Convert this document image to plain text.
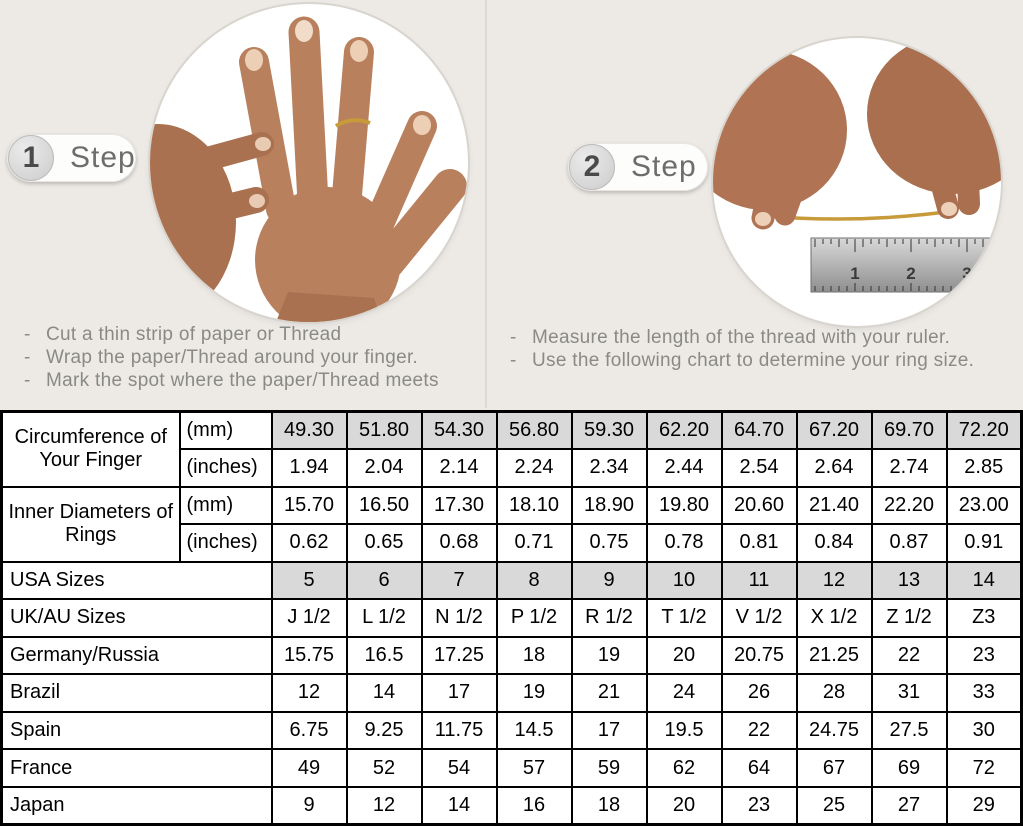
1	2	3
1	Step	2	Step
- Cut a thin strip of paper or Thread
- Wrap the paper/Thread around your finger.
- Mark the spot where the paper/Thread meets
- Measure the length of the thread with your ruler.
- Use the following chart to determine your ring size.
Circumference of Your Finger	(mm)	49.30	51.80	54.30	56.80	59.30	62.20	64.70	67.20	69.70	72.20
	(inches)	1.94	2.04	2.14	2.24	2.34	2.44	2.54	2.64	2.74	2.85
Inner Diameters of Rings	(mm)	15.70	16.50	17.30	18.10	18.90	19.80	20.60	21.40	22.20	23.00
	(inches)	0.62	0.65	0.68	0.71	0.75	0.78	0.81	0.84	0.87	0.91
USA Sizes		5	6	7	8	9	10	11	12	13	14
UK/AU Sizes		J 1/2	L 1/2	N 1/2	P 1/2	R 1/2	T 1/2	V 1/2	X 1/2	Z 1/2	Z3
Germany/Russia		15.75	16.5	17.25	18	19	20	20.75	21.25	22	23
Brazil		12	14	17	19	21	24	26	28	31	33
Spain		6.75	9.25	11.75	14.5	17	19.5	22	24.75	27.5	30
France		49	52	54	57	59	62	64	67	69	72
Japan		9	12	14	16	18	20	23	25	27	29
